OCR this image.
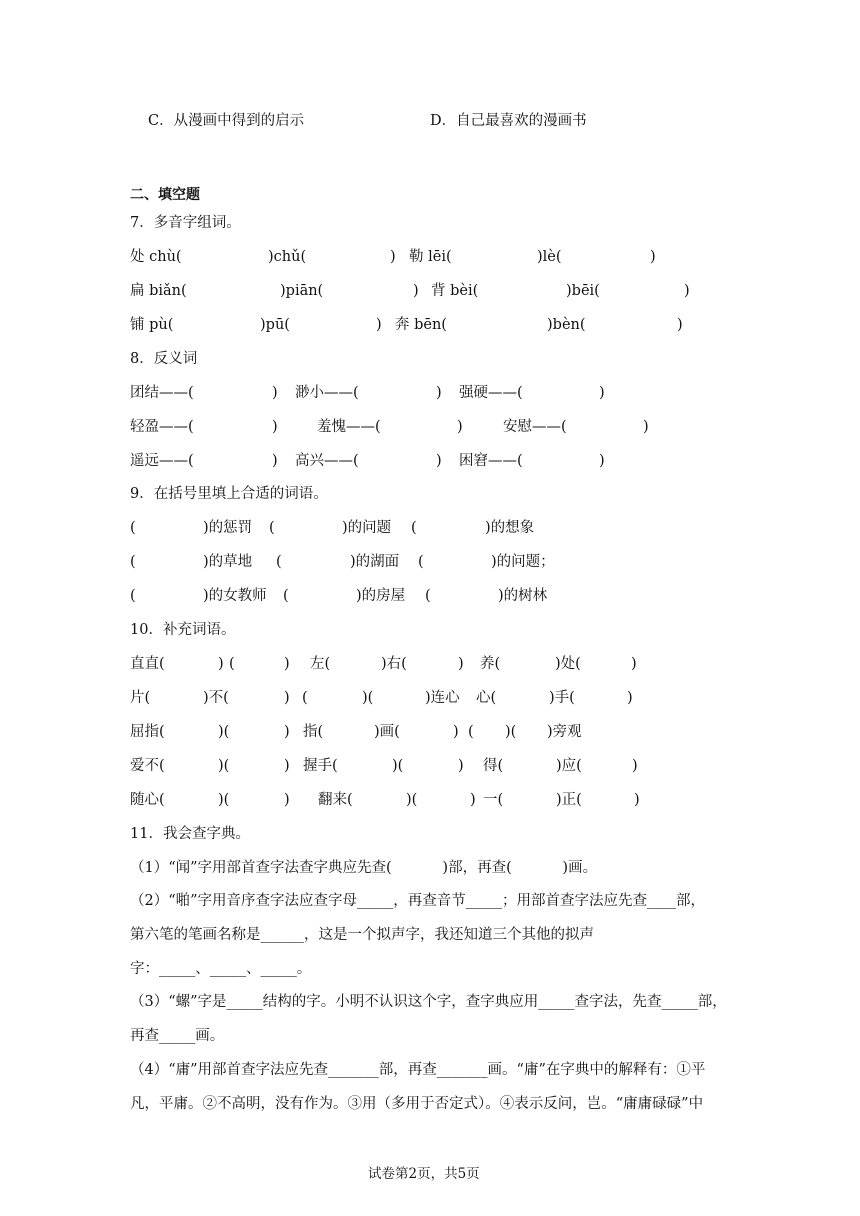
C．从漫画中得到的启示	D．自己最喜欢的漫画书
二、填空题
7．多音字组词。
处 chù(	)chǔ(	) 勒 lēi(	)lè(	)
扁 biǎn(	)piān(	) 背 bèi(	)bēi(	)
铺 pù(	)pū(	) 奔 bēn(	)bèn(	)
8．反义词
团结——(	) 渺小——(	) 强硬——(	)
轻盈——(	)	羞愧——(	)	安慰——(	)
遥远——(	) 高兴——(	) 困窘——(	)
9．在括号里填上合适的词语。
(	)的惩罚 (	)的问题 (	)的想象
(	)的草地 (	)的湖面 (	)的问题；
(	)的女教师 (	)的房屋 (	)的树林
10．补充词语。
直直(	) (	) 左(	)右(	) 养(	)处(	)
片(	)不(	) (	)(	)连心 心(	)手(	)
屈指(	)(	) 指(	)画(	) ( )( )旁观
爱不(	)(	) 握手(	)(	) 得(	)应(	)
随心(	)(	) 翻来(	)(	) 一(	)正(	)
11．我会查字典。
（1）“闻”字用部首查字法查字典应先查(           )部，再查(           )画。
（2）“啪”字用音序查字法应查字母_____，再查音节_____；用部首查字法应先查____部，
第六笔的笔画名称是______，这是一个拟声字，我还知道三个其他的拟声
字：_____、_____、_____。
（3）“螺”字是_____结构的字。小明不认识这个字，查字典应用_____查字法，先查_____部，
再查_____画。
（4）“庸”用部首查字法应先查_______部，再查_______画。“庸”在字典中的解释有：①平
凡，平庸。②不高明，没有作为。③用（多用于否定式）。④表示反问，岂。“庸庸碌碌”中
试卷第2页，共5页
